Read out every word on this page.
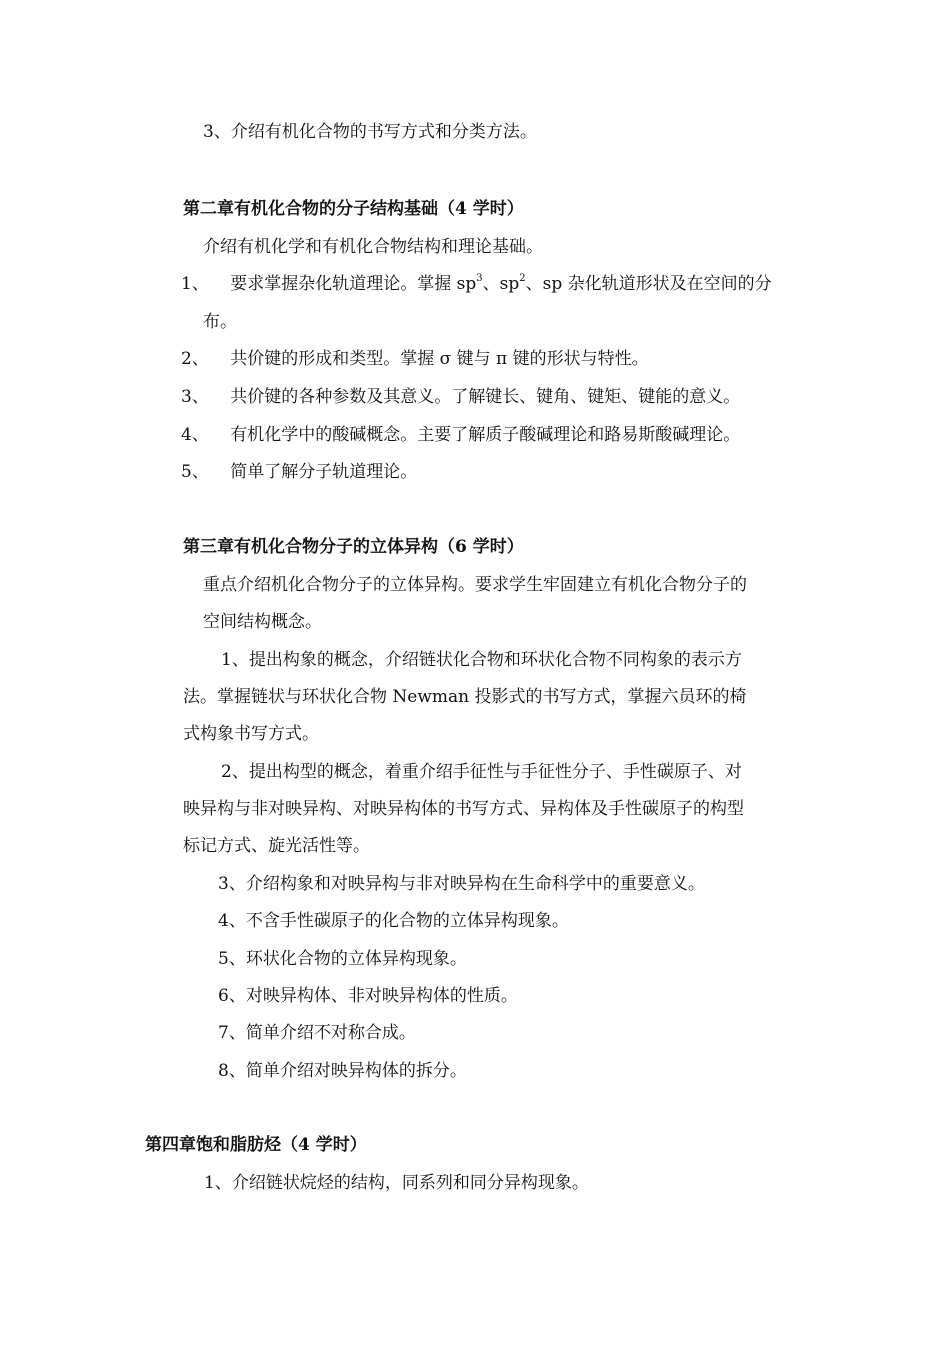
3、介绍有机化合物的书写方式和分类方法。

第二章有机化合物的分子结构基础（4 学时）

介绍有机化学和有机化合物结构和理论基础。

1、 要求掌握杂化轨道理论。掌握 $sp^3$、$sp^2$、sp 杂化轨道形状及在空间的分

布。

2、 共价键的形成和类型。掌握 σ 键与 π 键的形状与特性。
3、 共价键的各种参数及其意义。了解键长、键角、键矩、键能的意义。
4、 有机化学中的酸碱概念。主要了解质子酸碱理论和路易斯酸碱理论。
5、 简单了解分子轨道理论。

第三章有机化合物分子的立体异构（6 学时）

重点介绍机化合物分子的立体异构。要求学生牢固建立有机化合物分子的

空间结构概念。

1、提出构象的概念，介绍链状化合物和环状化合物不同构象的表示方

法。掌握链状与环状化合物 Newman 投影式的书写方式，掌握六员环的椅

式构象书写方式。

2、提出构型的概念，着重介绍手征性与手征性分子、手性碳原子、对

映异构与非对映异构、对映异构体的书写方式、异构体及手性碳原子的构型

标记方式、旋光活性等。

3、介绍构象和对映异构与非对映异构在生命科学中的重要意义。

4、不含手性碳原子的化合物的立体异构现象。

5、环状化合物的立体异构现象。

6、对映异构体、非对映异构体的性质。

7、简单介绍不对称合成。

8、简单介绍对映异构体的拆分。

第四章饱和脂肪烃（4 学时）

1、介绍链状烷烃的结构，同系列和同分异构现象。
